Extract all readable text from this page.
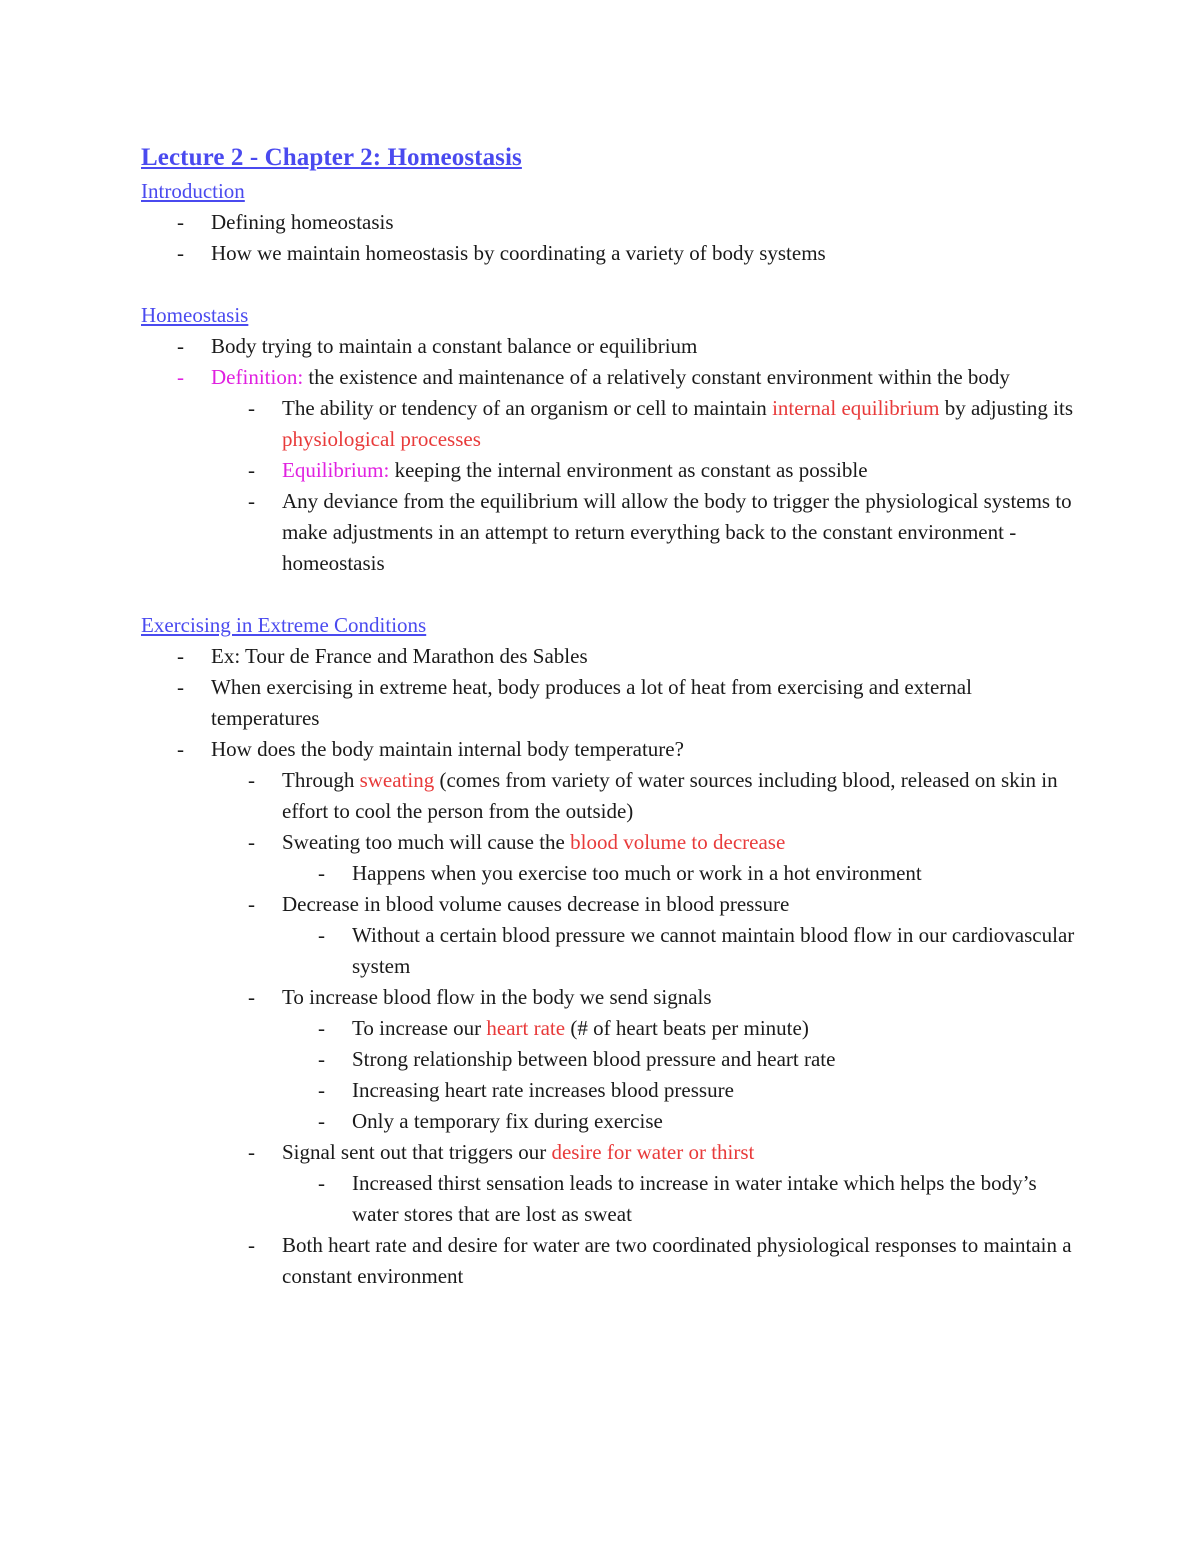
Lecture 2 - Chapter 2: Homeostasis
Introduction
- Defining homeostasis
- How we maintain homeostasis by coordinating a variety of body systems
Homeostasis
- Body trying to maintain a constant balance or equilibrium
- Definition: the existence and maintenance of a relatively constant environment within the body
- The ability or tendency of an organism or cell to maintain internal equilibrium by adjusting its physiological processes
- Equilibrium: keeping the internal environment as constant as possible
- Any deviance from the equilibrium will allow the body to trigger the physiological systems to make adjustments in an attempt to return everything back to the constant environment - homeostasis
Exercising in Extreme Conditions
- Ex: Tour de France and Marathon des Sables
- When exercising in extreme heat, body produces a lot of heat from exercising and external temperatures
- How does the body maintain internal body temperature?
- Through sweating (comes from variety of water sources including blood, released on skin in effort to cool the person from the outside)
- Sweating too much will cause the blood volume to decrease
- Happens when you exercise too much or work in a hot environment
- Decrease in blood volume causes decrease in blood pressure
- Without a certain blood pressure we cannot maintain blood flow in our cardiovascular system
- To increase blood flow in the body we send signals
- To increase our heart rate (# of heart beats per minute)
- Strong relationship between blood pressure and heart rate
- Increasing heart rate increases blood pressure
- Only a temporary fix during exercise
- Signal sent out that triggers our desire for water or thirst
- Increased thirst sensation leads to increase in water intake which helps the body’s water stores that are lost as sweat
- Both heart rate and desire for water are two coordinated physiological responses to maintain a constant environment
